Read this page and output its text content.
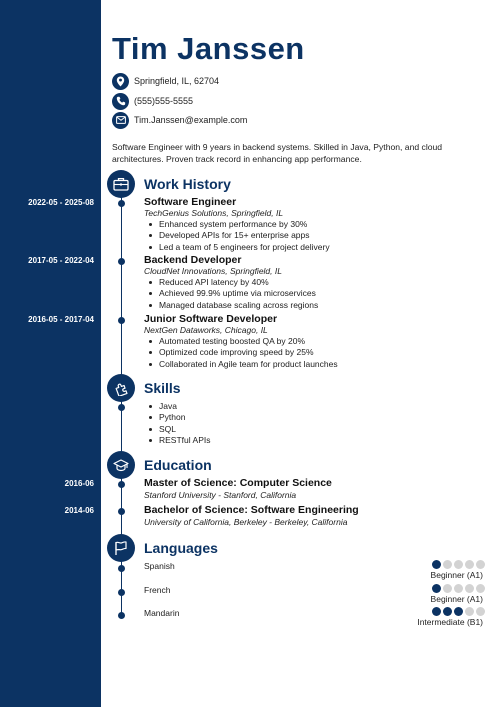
Tim Janssen
Springfield, IL, 62704
(555)555-5555
Tim.Janssen@example.com

Software Engineer with 9 years in backend systems. Skilled in Java, Python, and cloud architectures. Proven track record in enhancing app performance.

Work History
2022-05 - 2025-08	Software Engineer
TechGenius Solutions, Springfield, IL
Enhanced system performance by 30%
Developed APIs for 15+ enterprise apps
Led a team of 5 engineers for project delivery
2017-05 - 2022-04	Backend Developer
CloudNet Innovations, Springfield, IL
Reduced API latency by 40%
Achieved 99.9% uptime via microservices
Managed database scaling across regions
2016-05 - 2017-04	Junior Software Developer
NextGen Dataworks, Chicago, IL
Automated testing boosted QA by 20%
Optimized code improving speed by 25%
Collaborated in Agile team for product launches
Skills
Java
Python
SQL
RESTful APIs
Education
2016-06	Master of Science: Computer Science
Stanford University - Stanford, California
2014-06	Bachelor of Science: Software Engineering
University of California, Berkeley - Berkeley, California
Languages
Spanish
Beginner (A1)
French
Beginner (A1)
Mandarin
Intermediate (B1)
